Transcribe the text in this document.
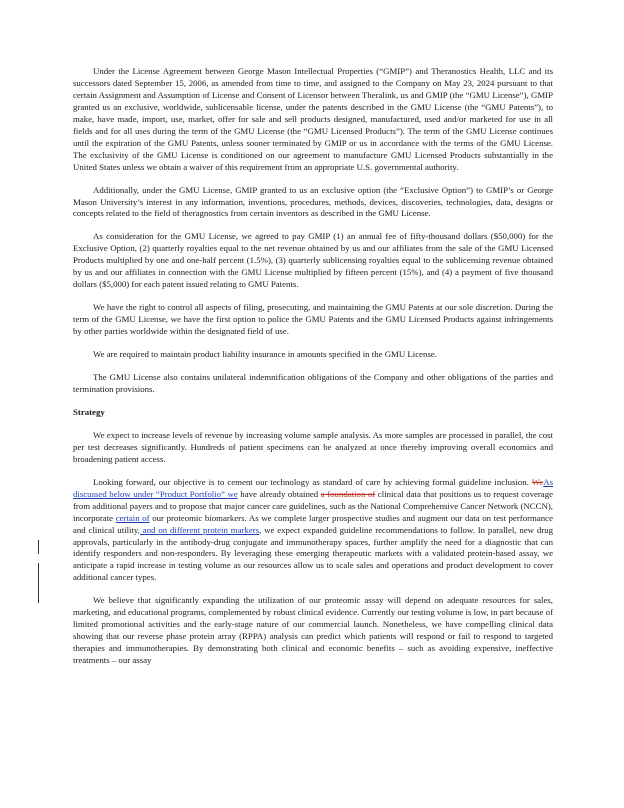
Under the License Agreement between George Mason Intellectual Properties (“GMIP”) and Theranostics Health, LLC and its successors dated September 15, 2006, as amended from time to time, and assigned to the Company on May 23, 2024 pursuant to that certain Assignment and Assumption of License and Consent of Licensor between Theralink, us and GMIP (the “GMU License”), GMIP granted us an exclusive, worldwide, sublicensable license, under the patents described in the GMU License (the “GMU Patents”), to make, have made, import, use, market, offer for sale and sell products designed, manufactured, used and/or marketed for use in all fields and for all uses during the term of the GMU License (the “GMU Licensed Products”). The term of the GMU License continues until the expiration of the GMU Patents, unless sooner terminated by GMIP or us in accordance with the terms of the GMU License. The exclusivity of the GMU License is conditioned on our agreement to manufacture GMU Licensed Products substantially in the United States unless we obtain a waiver of this requirement from an appropriate U.S. governmental authority.

Additionally, under the GMU License, GMIP granted to us an exclusive option (the “Exclusive Option”) to GMIP’s or George Mason University’s interest in any information, inventions, procedures, methods, devices, discoveries, technologies, data, designs or concepts related to the field of theragnostics from certain inventors as described in the GMU License.

As consideration for the GMU License, we agreed to pay GMIP (1) an annual fee of fifty-thousand dollars ($50,000) for the Exclusive Option, (2) quarterly royalties equal to the net revenue obtained by us and our affiliates from the sale of the GMU Licensed Products multiplied by one and one-half percent (1.5%), (3) quarterly sublicensing royalties equal to the sublicensing revenue obtained by us and our affiliates in connection with the GMU License multiplied by fifteen percent (15%), and (4) a payment of five thousand dollars ($5,000) for each patent issued relating to GMU Patents.

We have the right to control all aspects of filing, prosecuting, and maintaining the GMU Patents at our sole discretion. During the term of the GMU License, we have the first option to police the GMU Patents and the GMU Licensed Products against infringements by other parties worldwide within the designated field of use.

We are required to maintain product liability insurance in amounts specified in the GMU License.

The GMU License also contains unilateral indemnification obligations of the Company and other obligations of the parties and termination provisions.

Strategy

We expect to increase levels of revenue by increasing volume sample analysis. As more samples are processed in parallel, the cost per test decreases significantly. Hundreds of patient specimens can be analyzed at once thereby improving overall economics and broadening patient access.

Looking forward, our objective is to cement our technology as standard of care by achieving formal guideline inclusion. WeAs discussed below under “Product Portfolio” we have already obtained a foundation of clinical data that positions us to request coverage from additional payers and to propose that major cancer care guidelines, such as the National Comprehensive Cancer Network (NCCN), incorporate certain of our proteomic biomarkers. As we complete larger prospective studies and augment our data on test performance and clinical utility, and on different protein markers, we expect expanded guideline recommendations to follow. In parallel, new drug approvals, particularly in the antibody-drug conjugate and immunotherapy spaces, further amplify the need for a diagnostic that can identify responders and non-responders. By leveraging these emerging therapeutic markets with a validated protein-based assay, we anticipate a rapid increase in testing volume as our resources allow us to scale sales and operations and product development to cover additional cancer types.

We believe that significantly expanding the utilization of our proteomic assay will depend on adequate resources for sales, marketing, and educational programs, complemented by robust clinical evidence. Currently our testing volume is low, in part because of limited promotional activities and the early-stage nature of our commercial launch. Nonetheless, we have compelling clinical data showing that our reverse phase protein array (RPPA) analysis can predict which patients will respond or fail to respond to targeted therapies and immunotherapies. By demonstrating both clinical and economic benefits – such as avoiding expensive, ineffective treatments – our assay
